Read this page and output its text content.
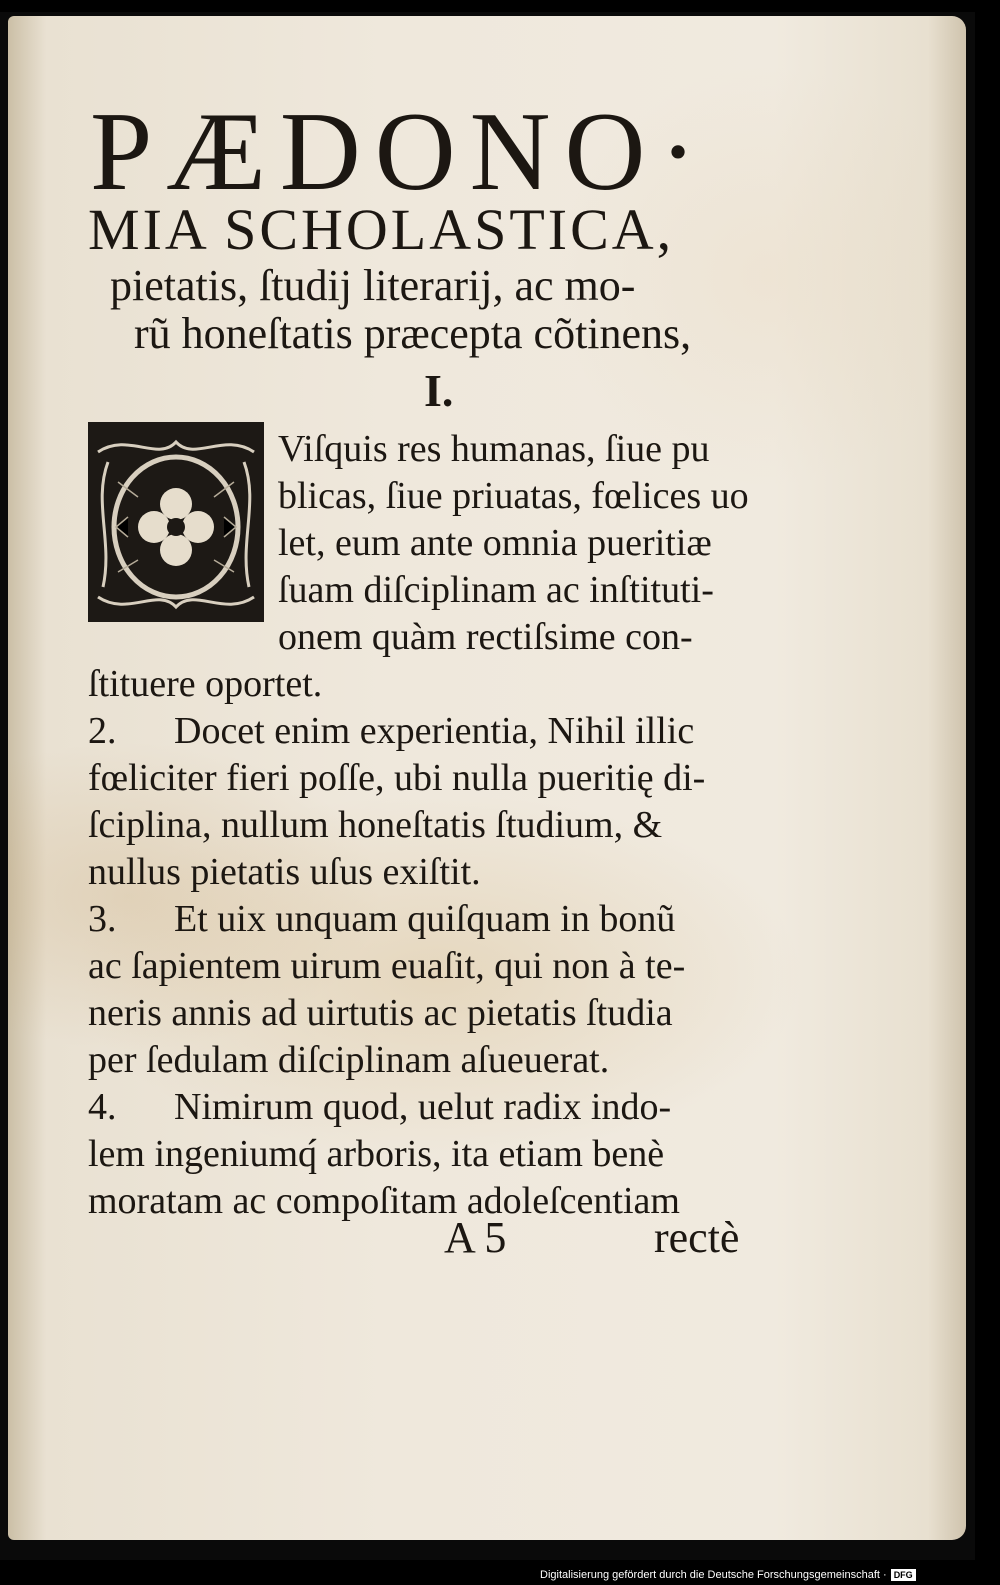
PÆDONO·
MIA SCHOLASTICA,
pietatis, ſtudij literarij, ac mo-
rũ honeſtatis præcepta cõtinens,
I.
Viſquis res humanas, ſiue pu
blicas, ſiue priuatas, fœlices uo
let, eum ante omnia pueritiæ
ſuam diſciplinam ac inſtituti-
onem quàm rectiſsime con-
ſtituere oportet.
2. Docet enim experientia, Nihil illic
fœliciter fieri poſſe, ubi nulla pueritię di-
ſciplina, nullum honeſtatis ſtudium, &
nullus pietatis uſus exiſtit.
3. Et uix unquam quiſquam in bonũ
ac ſapientem uirum euaſit, qui non à te-
neris annis ad uirtutis ac pietatis ſtudia
per ſedulam diſciplinam aſueuerat.
4. Nimirum quod, uelut radix indo-
lem ingeniumq́ arboris, ita etiam benè
moratam ac compoſitam adoleſcentiam
A 5	rectè
Digitalisierung gefördert durch die Deutsche Forschungsgemeinschaft · DFG
